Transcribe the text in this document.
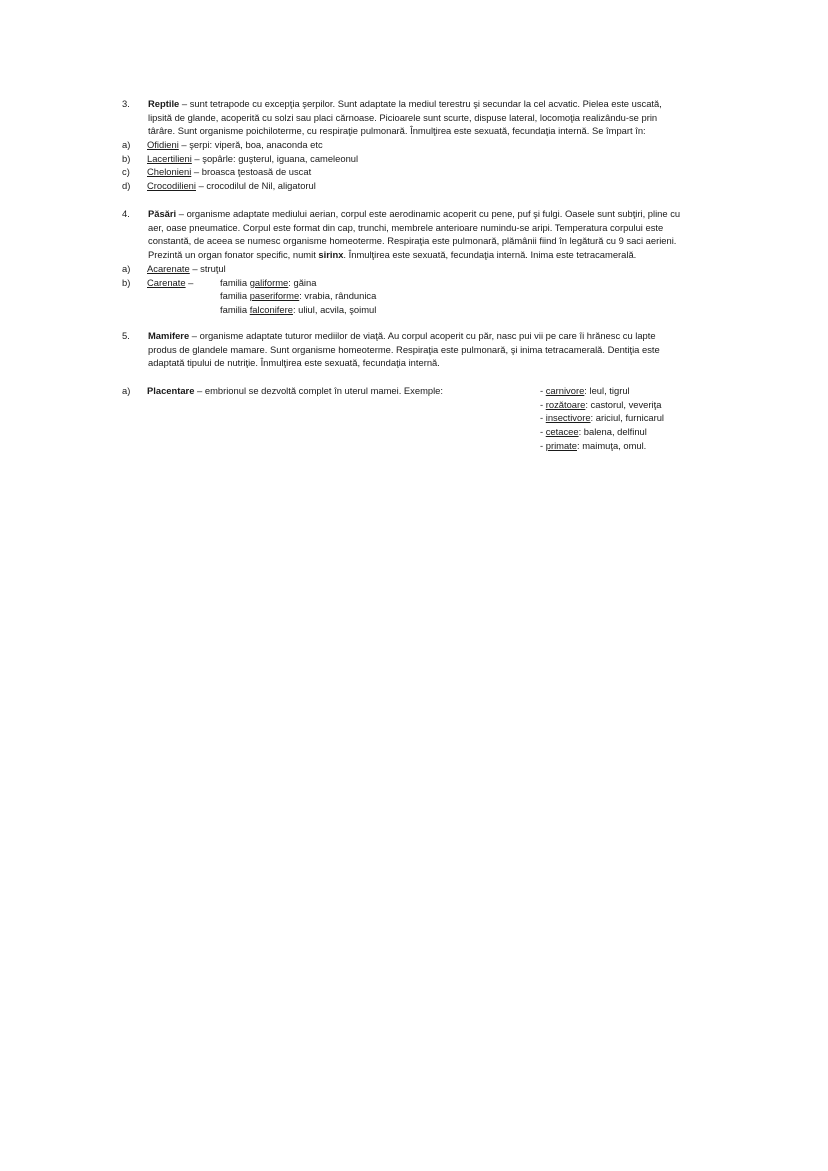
3.	Reptile – sunt tetrapode cu excepţia şerpilor. Sunt adaptate la mediul terestru şi secundar la cel acvatic. Pielea este uscată,
lipsită de glande, acoperită cu solzi sau placi cărnoase. Picioarele sunt scurte, dispuse lateral, locomoţia realizându-se prin
târâre. Sunt organisme poichiloterme, cu respiraţie pulmonară. Înmulţirea este sexuată, fecundaţia internă. Se împart în:
a)	Ofidieni – şerpi: viperă, boa, anaconda etc
b)	Lacertilieni – şopârle: guşterul, iguana, cameleonul
c)	Chelonieni – broasca ţestoasă de uscat
d)	Crocodilieni – crocodilul de Nil, aligatorul
4.	Păsări – organisme adaptate mediului aerian, corpul este aerodinamic acoperit cu pene, puf şi fulgi. Oasele sunt subţiri, pline cu
aer, oase pneumatice. Corpul este format din cap, trunchi, membrele anterioare numindu-se aripi. Temperatura corpului este
constantă, de aceea se numesc organisme homeoterme. Respiraţia este pulmonară, plămânii fiind în legătură cu 9 saci aerieni.
Prezintă un organ fonator specific, numit sirinx. Înmulţirea este sexuată, fecundaţia internă. Inima este tetracamerală.
a)	Acarenate – struţul
b)	Carenate –	familia galiforme: găina
familia paseriforme: vrabia, rândunica
familia falconifere: uliul, acvila, şoimul
5.	Mamifere – organisme adaptate tuturor mediilor de viaţă. Au corpul acoperit cu păr, nasc pui vii pe care îi hrănesc cu lapte
produs de glandele mamare. Sunt organisme homeoterme. Respiraţia este pulmonară, şi inima tetracamerală. Dentiţia este
adaptată tipului de nutriţie. Înmulţirea este sexuată, fecundaţia internă.
a)	Placentare – embrionul se dezvoltă complet în uterul mamei. Exemple:	- carnivore: leul, tigrul
- rozătoare: castorul, veveriţa
- insectivore: ariciul, furnicarul
- cetacee: balena, delfinul
- primate: maimuţa, omul.
